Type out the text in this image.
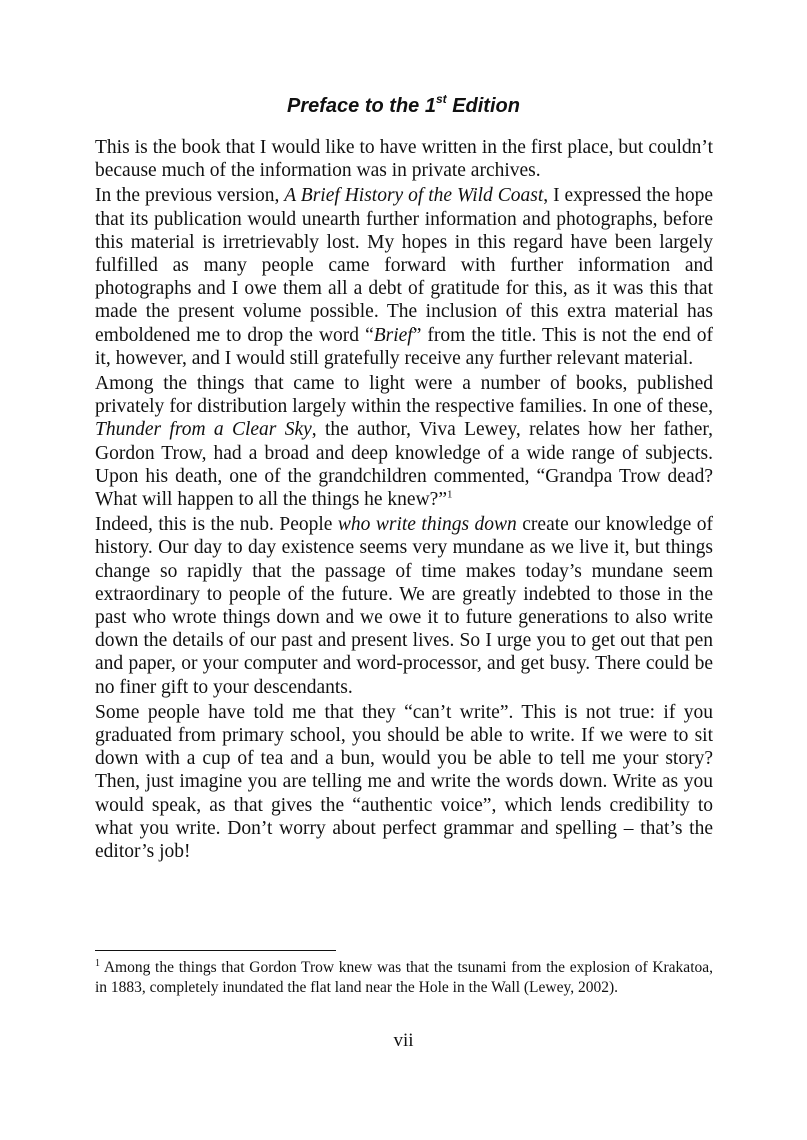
Preface to the 1st Edition

This is the book that I would like to have written in the first place, but couldn’t because much of the information was in private archives.

In the previous version, A Brief History of the Wild Coast, I expressed the hope that its publication would unearth further information and photographs, before this material is irretrievably lost. My hopes in this regard have been largely fulfilled as many people came forward with further information and photographs and I owe them all a debt of gratitude for this, as it was this that made the present volume possible. The inclusion of this extra material has emboldened me to drop the word “Brief” from the title. This is not the end of it, however, and I would still gratefully receive any further relevant material.

Among the things that came to light were a number of books, published privately for distribution largely within the respective families. In one of these, Thunder from a Clear Sky, the author, Viva Lewey, relates how her father, Gordon Trow, had a broad and deep knowledge of a wide range of subjects. Upon his death, one of the grandchildren commented, “Grandpa Trow dead? What will happen to all the things he knew?”$^1$

Indeed, this is the nub. People who write things down create our knowledge of history. Our day to day existence seems very mundane as we live it, but things change so rapidly that the passage of time makes today’s mundane seem extraordinary to people of the future. We are greatly indebted to those in the past who wrote things down and we owe it to future generations to also write down the details of our past and present lives. So I urge you to get out that pen and paper, or your computer and word-processor, and get busy. There could be no finer gift to your descendants.

Some people have told me that they “can’t write”. This is not true: if you graduated from primary school, you should be able to write. If we were to sit down with a cup of tea and a bun, would you be able to tell me your story? Then, just imagine you are telling me and write the words down. Write as you would speak, as that gives the “authentic voice”, which lends credibility to what you write. Don’t worry about perfect grammar and spelling – that’s the editor’s job!

$^1$ Among the things that Gordon Trow knew was that the tsunami from the explosion of Krakatoa, in 1883, completely inundated the flat land near the Hole in the Wall (Lewey, 2002).

vii
